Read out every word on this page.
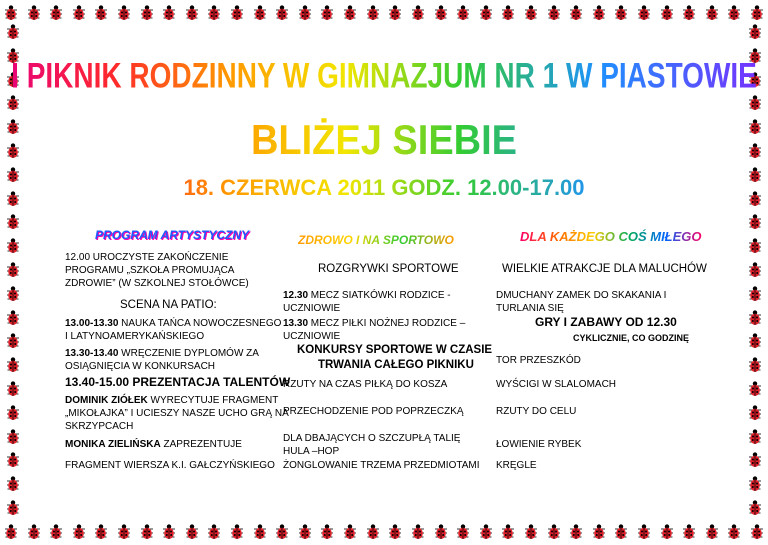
I PIKNIK RODZINNY W GIMNAZJUM NR 1 W PIASTOWIE
BLIŻEJ SIEBIE
18. CZERWCA 2011 GODZ. 12.00-17.00
PROGRAM ARTYSTYCZNY	ZDROWO I NA SPORTOWO	DLA KAŻDEGO COŚ MIŁEGO
12.00 UROCZYSTE ZAKOŃCZENIE
PROGRAMU „SZKOŁA PROMUJĄCA
ZDROWIE” (W SZKOLNEJ STOŁÓWCE)
SCENA NA PATIO:
13.00-13.30 NAUKA TAŃCA NOWOCZESNEGO
I LATYNOAMERYKAŃSKIEGO
13.30-13.40 WRĘCZENIE DYPLOMÓW ZA
OSIĄGNIĘCIA W KONKURSACH
13.40-15.00 PREZENTACJA TALENTÓW
DOMINIK ZIÓŁEK WYRECYTUJE FRAGMENT
„MIKOŁAJKA” I UCIESZY NASZE UCHO GRĄ NA
SKRZYPCACH
MONIKA ZIELIŃSKA ZAPREZENTUJE
FRAGMENT WIERSZA K.I. GAŁCZYŃSKIEGO
ROZGRYWKI SPORTOWE
12.30 MECZ SIATKÓWKI RODZICE -
UCZNIOWIE
13.30 MECZ PIŁKI NOŻNEJ RODZICE –
UCZNIOWIE
KONKURSY SPORTOWE W CZASIE
TRWANIA CAŁEGO PIKNIKU
RZUTY NA CZAS PIŁKĄ DO KOSZA
PRZECHODZENIE POD POPRZECZKĄ
DLA DBAJĄCYCH O SZCZUPŁĄ TALIĘ
HULA –HOP
ŻONGLOWANIE TRZEMA PRZEDMIOTAMI
WIELKIE ATRAKCJE DLA MALUCHÓW
DMUCHANY ZAMEK DO SKAKANIA I
TURLANIA SIĘ
GRY I ZABAWY OD 12.30
CYKLICZNIE, CO GODZINĘ
TOR PRZESZKÓD
WYŚCIGI W SLALOMACH
RZUTY DO CELU
ŁOWIENIE RYBEK
KRĘGLE
